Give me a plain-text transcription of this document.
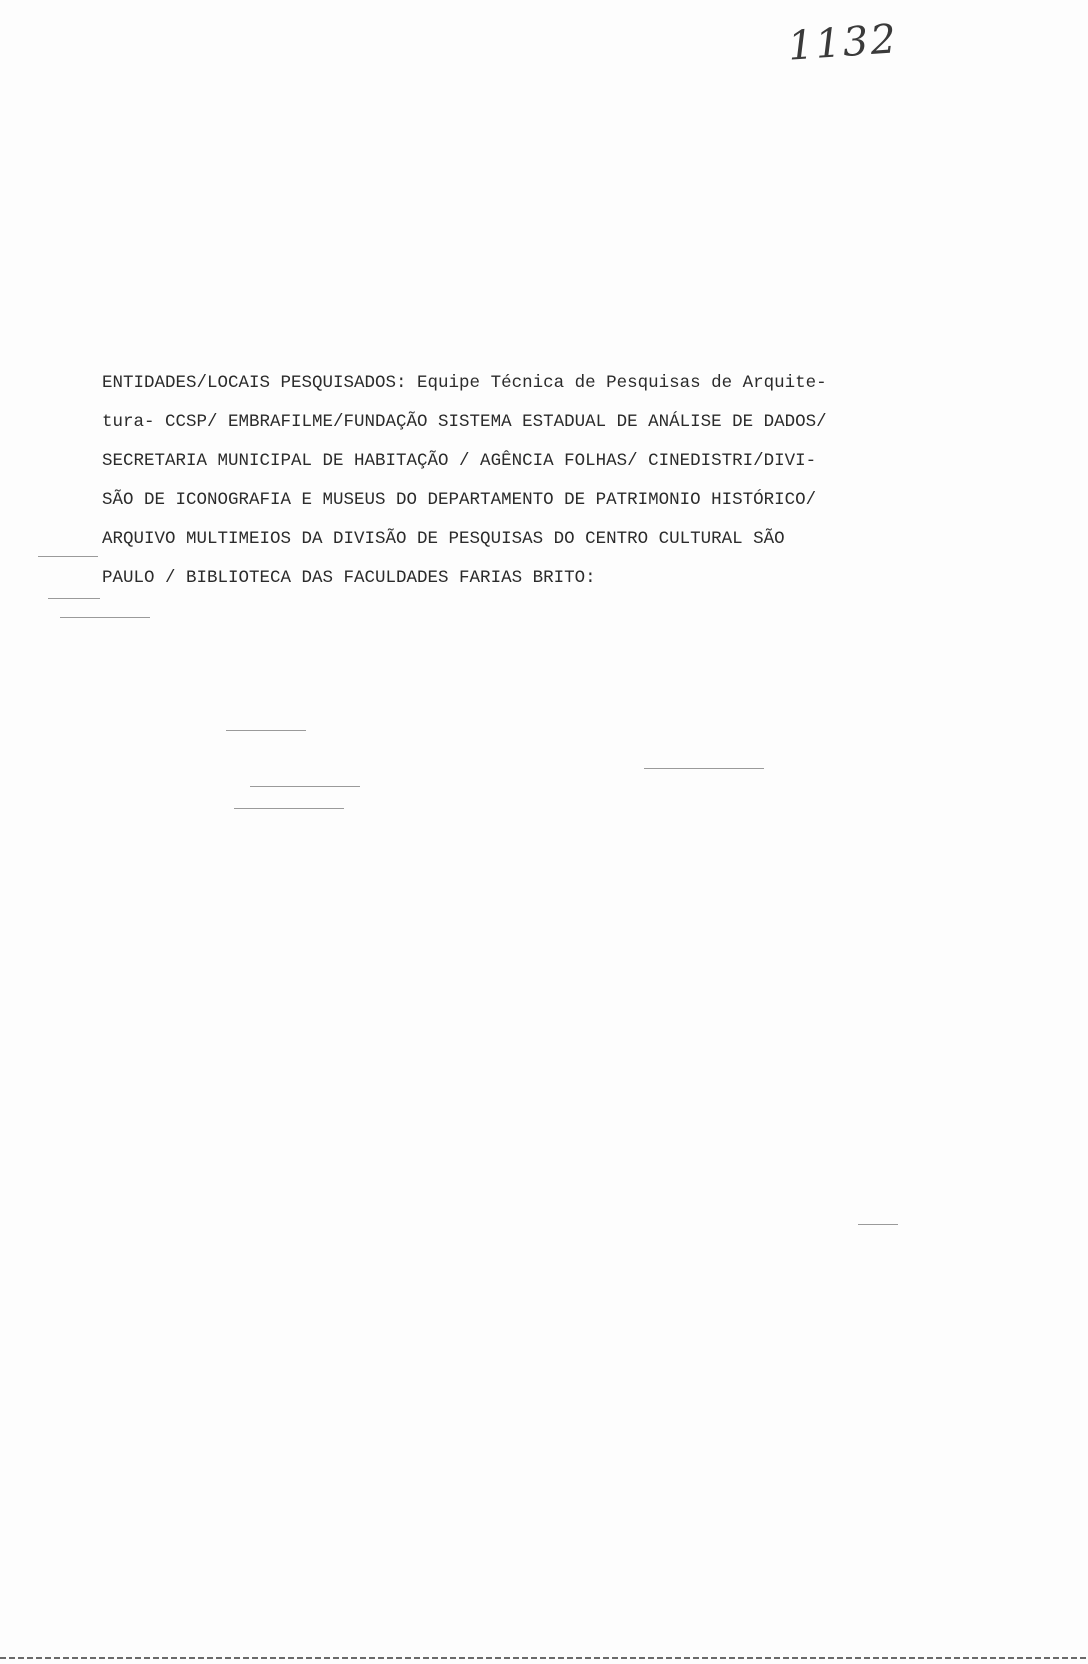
1132
ENTIDADES/LOCAIS PESQUISADOS: Equipe Técnica de Pesquisas de Arquite-
tura- CCSP/ EMBRAFILME/FUNDAÇÃO SISTEMA ESTADUAL DE ANÁLISE DE DADOS/
SECRETARIA MUNICIPAL DE HABITAÇÃO / AGÊNCIA FOLHAS/ CINEDISTRI/DIVI-
SÃO DE ICONOGRAFIA E MUSEUS DO DEPARTAMENTO DE PATRIMONIO HISTÓRICO/
ARQUIVO MULTIMEIOS DA DIVISÃO DE PESQUISAS DO CENTRO CULTURAL SÃO
PAULO / BIBLIOTECA DAS FACULDADES FARIAS BRITO:
